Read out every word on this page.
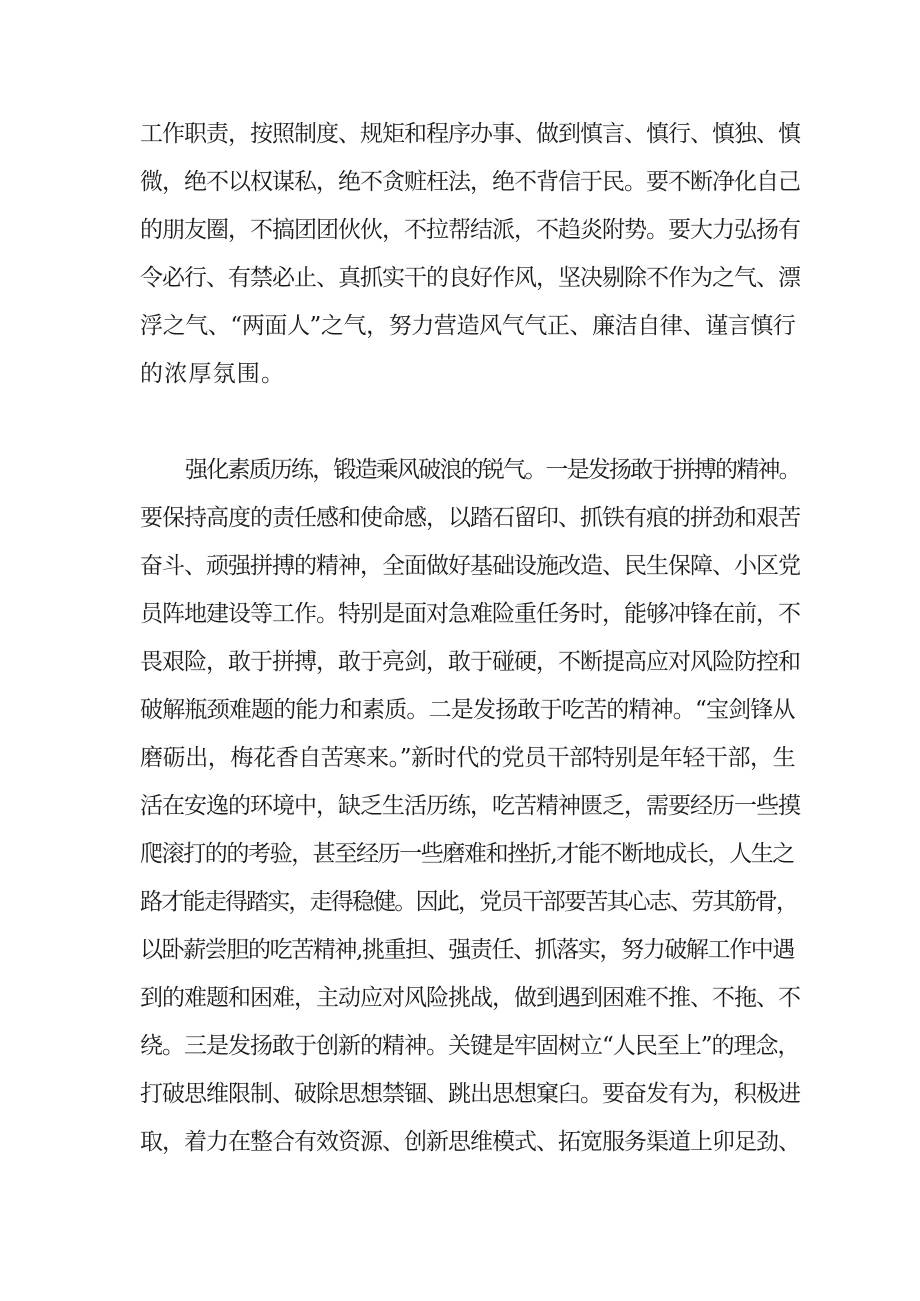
工作职责，按照制度、规矩和程序办事、做到慎言、慎行、慎独、慎
微，绝不以权谋私，绝不贪赃枉法，绝不背信于民。要不断净化自己
的朋友圈，不搞团团伙伙，不拉帮结派，不趋炎附势。要大力弘扬有
令必行、有禁必止、真抓实干的良好作风，坚决剔除不作为之气、漂
浮之气、“两面人”之气，努力营造风气气正、廉洁自律、谨言慎行
的浓厚氛围。
强化素质历练，锻造乘风破浪的锐气。一是发扬敢于拼搏的精神。
要保持高度的责任感和使命感，以踏石留印、抓铁有痕的拼劲和艰苦
奋斗、顽强拼搏的精神，全面做好基础设施改造、民生保障、小区党
员阵地建设等工作。特别是面对急难险重任务时，能够冲锋在前，不
畏艰险，敢于拼搏，敢于亮剑，敢于碰硬，不断提高应对风险防控和
破解瓶颈难题的能力和素质。二是发扬敢于吃苦的精神。“宝剑锋从
磨砺出，梅花香自苦寒来。”新时代的党员干部特别是年轻干部，生
活在安逸的环境中，缺乏生活历练，吃苦精神匮乏，需要经历一些摸
爬滚打的的考验，甚至经历一些磨难和挫折,才能不断地成长，人生之
路才能走得踏实，走得稳健。因此，党员干部要苦其心志、劳其筋骨，
以卧薪尝胆的吃苦精神,挑重担、强责任、抓落实，努力破解工作中遇
到的难题和困难，主动应对风险挑战，做到遇到困难不推、不拖、不
绕。三是发扬敢于创新的精神。关键是牢固树立“人民至上”的理念，
打破思维限制、破除思想禁锢、跳出思想窠臼。要奋发有为，积极进
取，着力在整合有效资源、创新思维模式、拓宽服务渠道上卯足劲、
